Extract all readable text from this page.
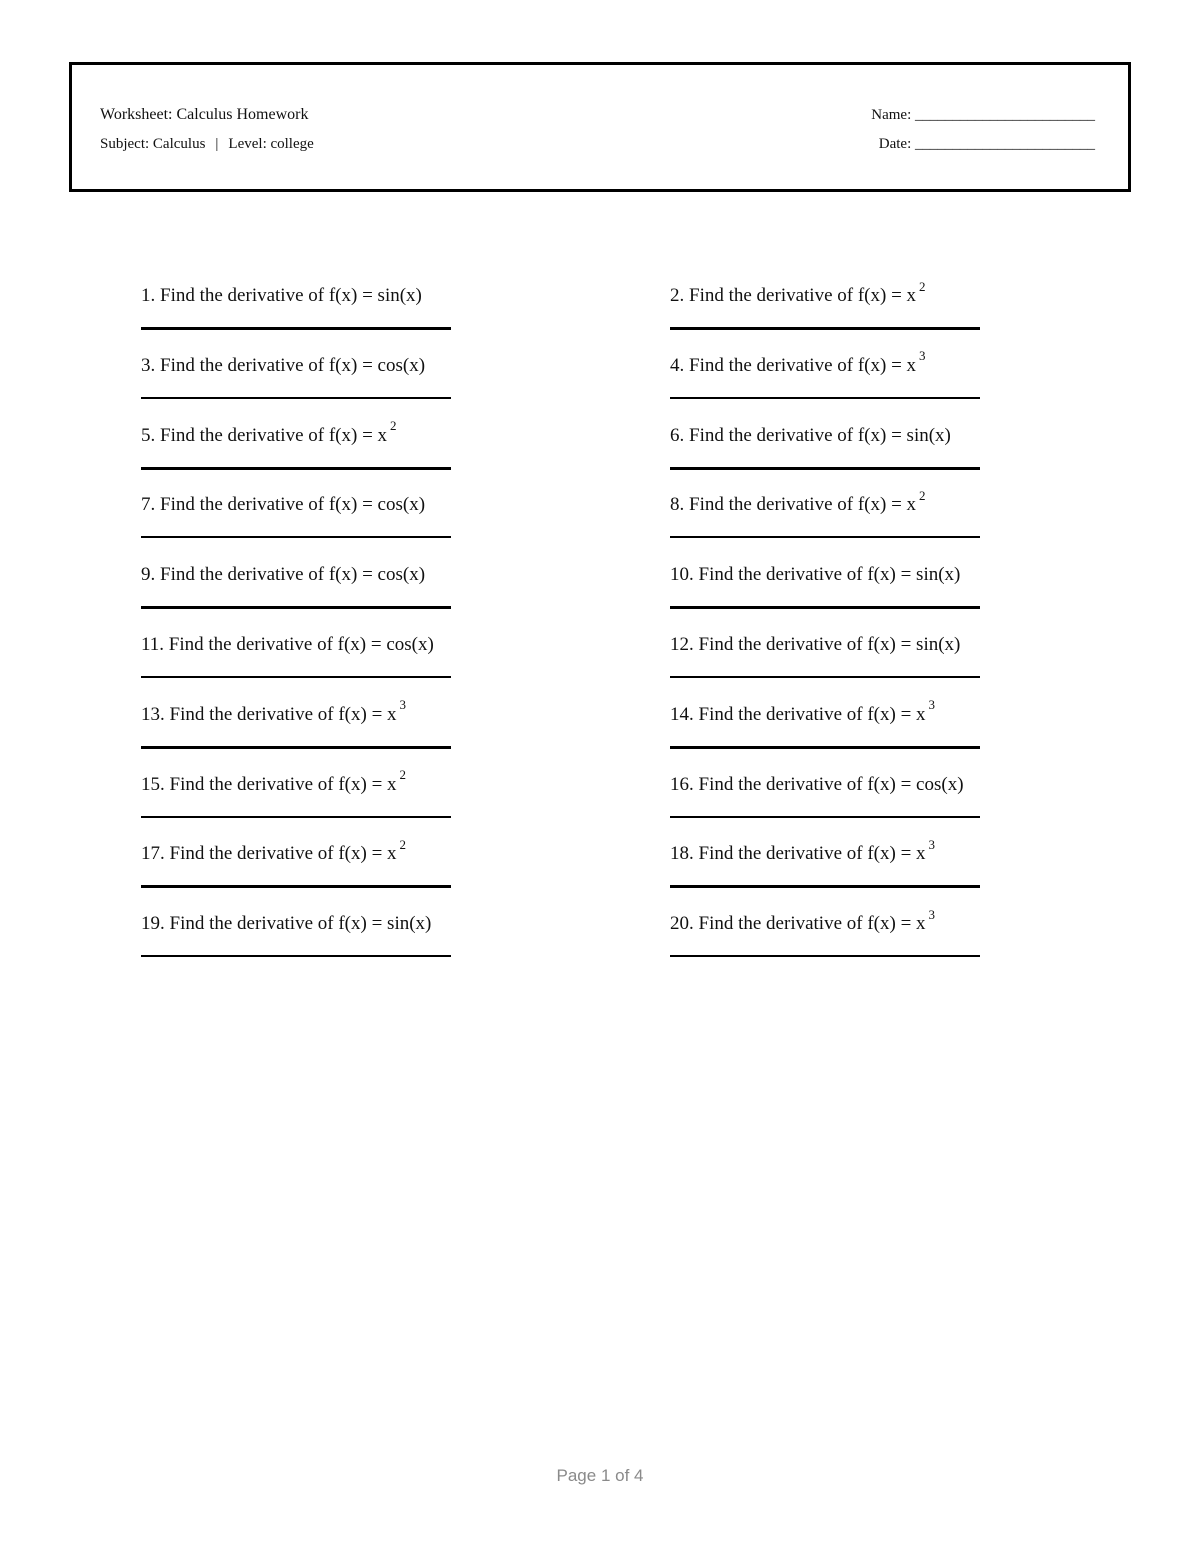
Worksheet: Calculus Homework
Subject: Calculus | Level: college
Name: ________________________
Date: ________________________
1. Find the derivative of f(x) = sin(x)	2. Find the derivative of f(x) = x $^2$
3. Find the derivative of f(x) = cos(x)	4. Find the derivative of f(x) = x $^3$
5. Find the derivative of f(x) = x $^2$	6. Find the derivative of f(x) = sin(x)
7. Find the derivative of f(x) = cos(x)	8. Find the derivative of f(x) = x $^2$
9. Find the derivative of f(x) = cos(x)	10. Find the derivative of f(x) = sin(x)
11. Find the derivative of f(x) = cos(x)	12. Find the derivative of f(x) = sin(x)
13. Find the derivative of f(x) = x $^3$	14. Find the derivative of f(x) = x $^3$
15. Find the derivative of f(x) = x $^2$	16. Find the derivative of f(x) = cos(x)
17. Find the derivative of f(x) = x $^2$	18. Find the derivative of f(x) = x $^3$
19. Find the derivative of f(x) = sin(x)	20. Find the derivative of f(x) = x $^3$
Page 1 of 4
